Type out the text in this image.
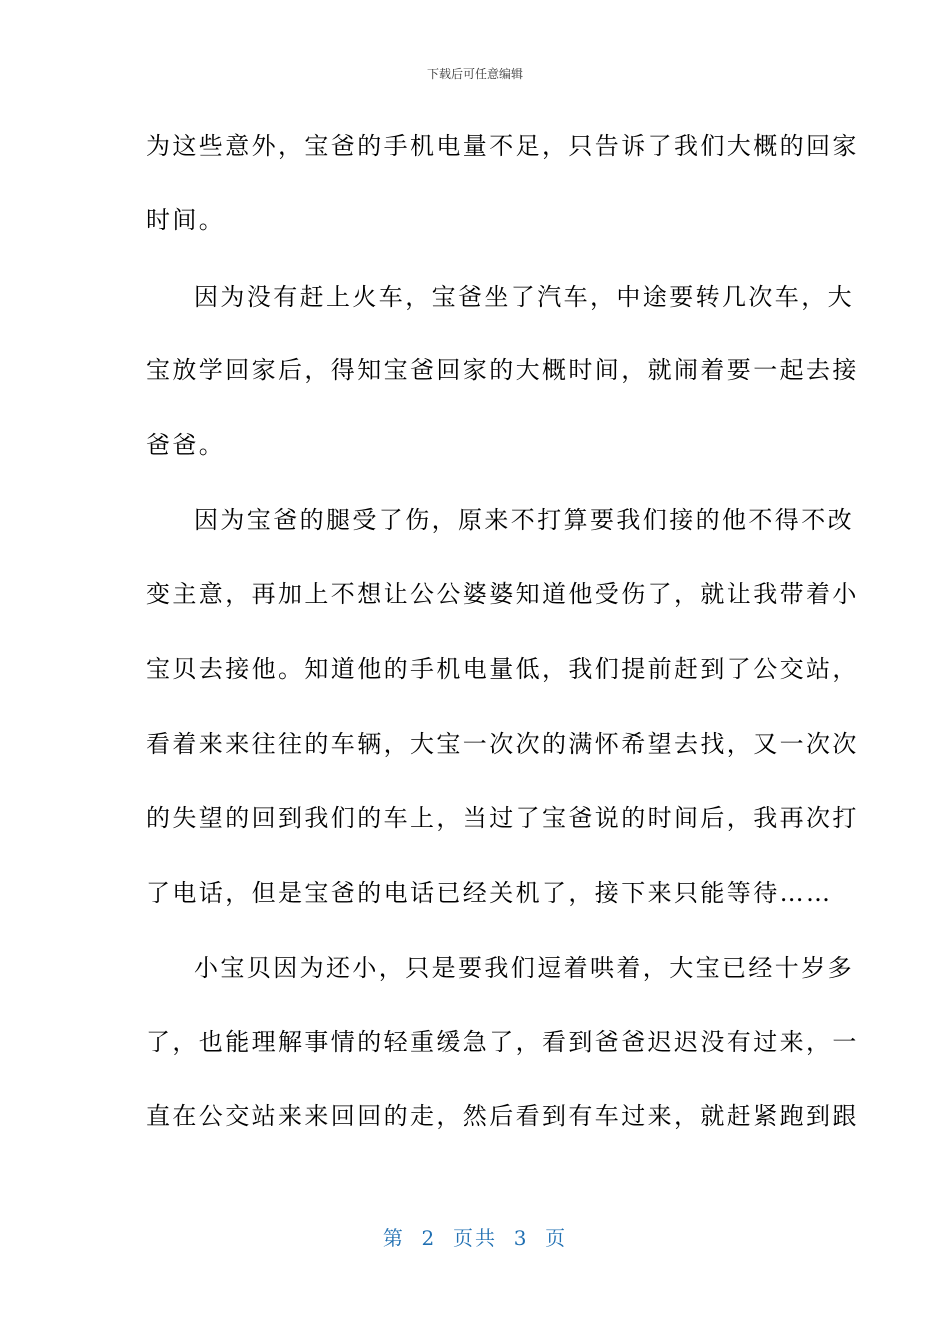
下载后可任意编辑
为这些意外，宝爸的手机电量不足，只告诉了我们大概的回家
时间。
因为没有赶上火车，宝爸坐了汽车，中途要转几次车，大
宝放学回家后，得知宝爸回家的大概时间，就闹着要一起去接
爸爸。
因为宝爸的腿受了伤，原来不打算要我们接的他不得不改
变主意，再加上不想让公公婆婆知道他受伤了，就让我带着小
宝贝去接他。知道他的手机电量低，我们提前赶到了公交站，
看着来来往往的车辆，大宝一次次的满怀希望去找，又一次次
的失望的回到我们的车上，当过了宝爸说的时间后，我再次打
了电话，但是宝爸的电话已经关机了，接下来只能等待……
小宝贝因为还小，只是要我们逗着哄着，大宝已经十岁多
了，也能理解事情的轻重缓急了，看到爸爸迟迟没有过来，一
直在公交站来来回回的走，然后看到有车过来，就赶紧跑到跟
第  2  页共  3  页
